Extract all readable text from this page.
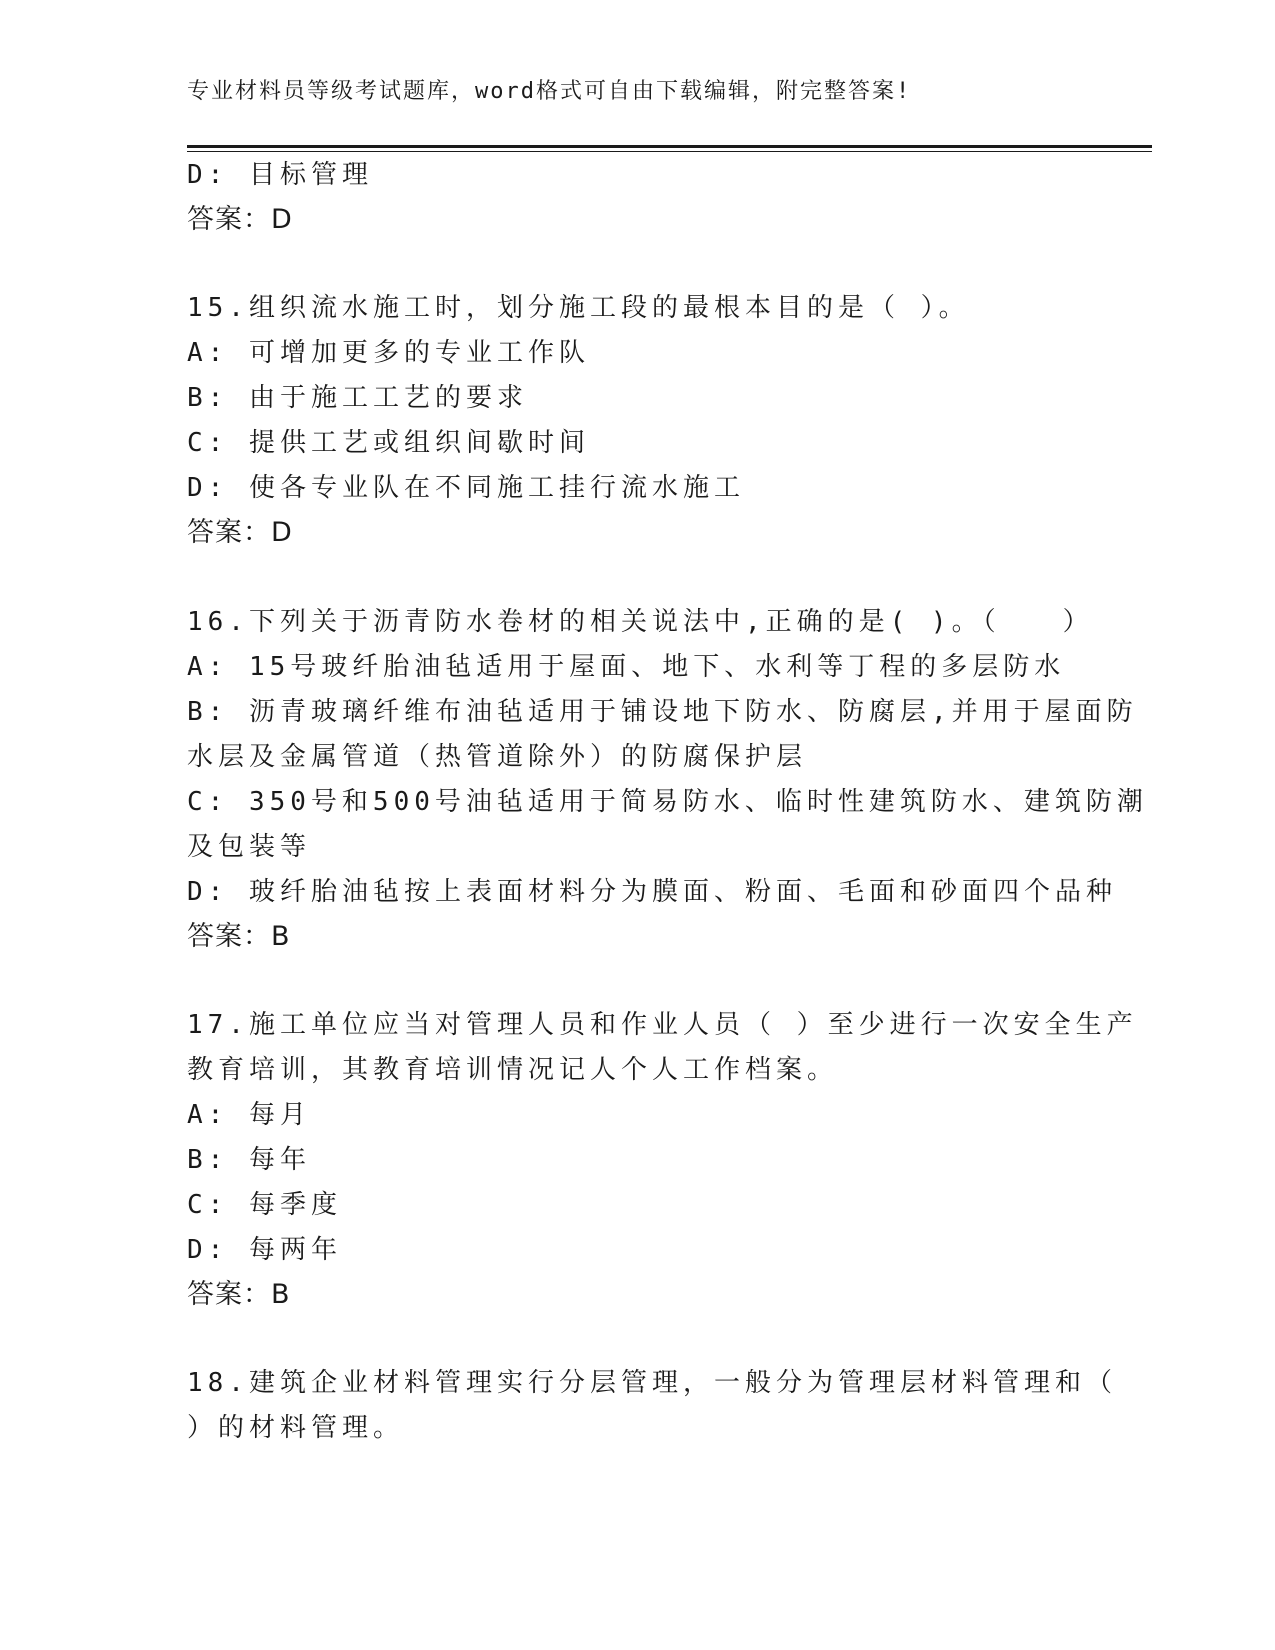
专业材料员等级考试题库，word格式可自由下载编辑，附完整答案!
D: 目标管理
答案：D
15.组织流水施工时，划分施工段的最根本目的是（ ）。
A: 可增加更多的专业工作队
B: 由于施工工艺的要求
C: 提供工艺或组织间歇时间
D: 使各专业队在不同施工挂行流水施工
答案：D
16.下列关于沥青防水卷材的相关说法中,正确的是( )。（　　）
A: 15号玻纤胎油毡适用于屋面、地下、水利等丁程的多层防水
B: 沥青玻璃纤维布油毡适用于铺设地下防水、防腐层,并用于屋面防
水层及金属管道（热管道除外）的防腐保护层
C: 350号和500号油毡适用于简易防水、临时性建筑防水、建筑防潮
及包装等
D: 玻纤胎油毡按上表面材料分为膜面、粉面、毛面和砂面四个品种
答案：B
17.施工单位应当对管理人员和作业人员（ ）至少进行一次安全生产
教育培训，其教育培训情况记人个人工作档案。
A: 每月
B: 每年
C: 每季度
D: 每两年
答案：B
18.建筑企业材料管理实行分层管理，一般分为管理层材料管理和（
）的材料管理。
